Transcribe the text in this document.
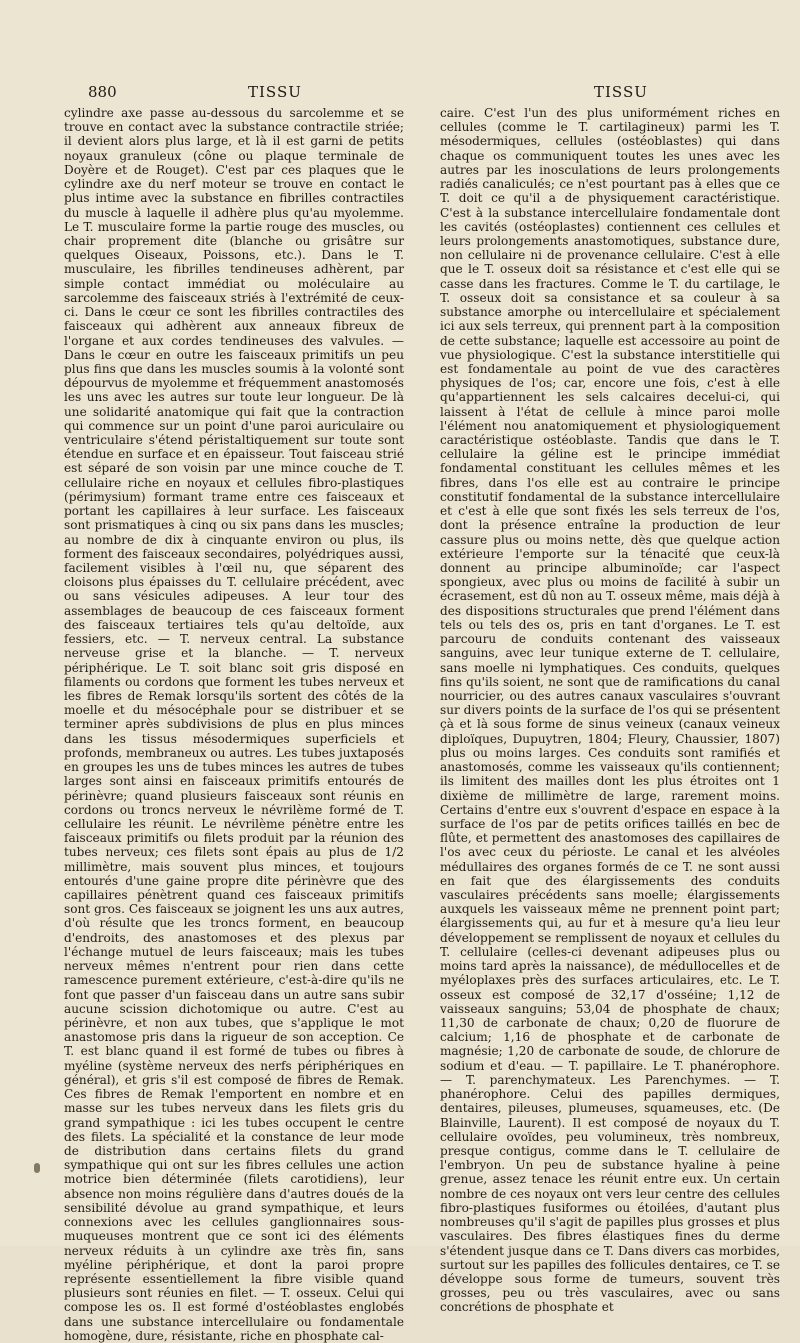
880	TISSU	TISSU

cylindre axe passe au-dessous du sarcolemme et se trouve en contact avec la substance contractile striée; il devient alors plus large, et là il est garni de petits noyaux granuleux (cône ou plaque terminale de Doyère et de Rouget). C'est par ces plaques que le cylindre axe du nerf moteur se trouve en contact le plus intime avec la substance en fibrilles contractiles du muscle à laquelle il adhère plus qu'au myolemme. Le T. musculaire forme la partie rouge des muscles, ou chair proprement dite (blanche ou grisâtre sur quelques Oiseaux, Poissons, etc.). Dans le T. musculaire, les fibrilles tendineuses adhèrent, par simple contact immédiat ou moléculaire au sarcolemme des faisceaux striés à l'extrémité de ceux-ci. Dans le cœur ce sont les fibrilles contractiles des faisceaux qui adhèrent aux anneaux fibreux de l'organe et aux cordes tendineuses des valvules. — Dans le cœur en outre les faisceaux primitifs un peu plus fins que dans les muscles soumis à la volonté sont dépourvus de myolemme et fréquemment anastomosés les uns avec les autres sur toute leur longueur. De là une solidarité anatomique qui fait que la contraction qui commence sur un point d'une paroi auriculaire ou ventriculaire s'étend péristaltiquement sur toute sont étendue en surface et en épaisseur. Tout faisceau strié est séparé de son voisin par une mince couche de T. cellulaire riche en noyaux et cellules fibro-plastiques (périmysium) formant trame entre ces faisceaux et portant les capillaires à leur surface. Les faisceaux sont prismatiques à cinq ou six pans dans les muscles; au nombre de dix à cinquante environ ou plus, ils forment des faisceaux secondaires, polyédriques aussi, facilement visibles à l'œil nu, que séparent des cloisons plus épaisses du T. cellulaire précédent, avec ou sans vésicules adipeuses. A leur tour des assemblages de beaucoup de ces faisceaux forment des faisceaux tertiaires tels qu'au deltoïde, aux fessiers, etc. — T. nerveux central. La substance nerveuse grise et la blanche. — T. nerveux périphérique. Le T. soit blanc soit gris disposé en filaments ou cordons que forment les tubes nerveux et les fibres de Remak lorsqu'ils sortent des côtés de la moelle et du mésocéphale pour se distribuer et se terminer après subdivisions de plus en plus minces dans les tissus mésodermiques superficiels et profonds, membraneux ou autres. Les tubes juxtaposés en groupes les uns de tubes minces les autres de tubes larges sont ainsi en faisceaux primitifs entourés de périnèvre; quand plusieurs faisceaux sont réunis en cordons ou troncs nerveux le névrilème formé de T. cellulaire les réunit. Le névrilème pénètre entre les faisceaux primitifs ou filets produit par la réunion des tubes nerveux; ces filets sont épais au plus de 1/2 millimètre, mais souvent plus minces, et toujours entourés d'une gaine propre dite périnèvre que des capillaires pénètrent quand ces faisceaux primitifs sont gros. Ces faisceaux se joignent les uns aux autres, d'où résulte que les troncs forment, en beaucoup d'endroits, des anastomoses et des plexus par l'échange mutuel de leurs faisceaux; mais les tubes nerveux mêmes n'entrent pour rien dans cette ramescence purement extérieure, c'est-à-dire qu'ils ne font que passer d'un faisceau dans un autre sans subir aucune scission dichotomique ou autre. C'est au périnèvre, et non aux tubes, que s'applique le mot anastomose pris dans la rigueur de son acception. Ce T. est blanc quand il est formé de tubes ou fibres à myéline (système nerveux des nerfs périphériques en général), et gris s'il est composé de fibres de Remak. Ces fibres de Remak l'emportent en nombre et en masse sur les tubes nerveux dans les filets gris du grand sympathique : ici les tubes occupent le centre des filets. La spécialité et la constance de leur mode de distribution dans certains filets du grand sympathique qui ont sur les fibres cellules une action motrice bien déterminée (filets carotidiens), leur absence non moins régulière dans d'autres doués de la sensibilité dévolue au grand sympathique, et leurs connexions avec les cellules ganglionnaires sous-muqueuses montrent que ce sont ici des éléments nerveux réduits à un cylindre axe très fin, sans myéline périphérique, et dont la paroi propre représente essentiellement la fibre visible quand plusieurs sont réunies en filet. — T. osseux. Celui qui compose les os. Il est formé d'ostéoblastes englobés dans une substance intercellulaire ou fondamentale homogène, dure, résistante, riche en phosphate cal-

caire. C'est l'un des plus uniformément riches en cellules (comme le T. cartilagineux) parmi les T. mésodermiques, cellules (ostéoblastes) qui dans chaque os communiquent toutes les unes avec les autres par les inosculations de leurs prolongements radiés canaliculés; ce n'est pourtant pas à elles que ce T. doit ce qu'il a de physiquement caractéristique. C'est à la substance intercellulaire fondamentale dont les cavités (ostéoplastes) contiennent ces cellules et leurs prolongements anastomotiques, substance dure, non cellulaire ni de provenance cellulaire. C'est à elle que le T. osseux doit sa résistance et c'est elle qui se casse dans les fractures. Comme le T. du cartilage, le T. osseux doit sa consistance et sa couleur à sa substance amorphe ou intercellulaire et spécialement ici aux sels terreux, qui prennent part à la composition de cette substance; laquelle est accessoire au point de vue physiologique. C'est la substance interstitielle qui est fondamentale au point de vue des caractères physiques de l'os; car, encore une fois, c'est à elle qu'appartiennent les sels calcaires decelui-ci, qui laissent à l'état de cellule à mince paroi molle l'élément nou anatomiquement et physiologiquement caractéristique ostéoblaste. Tandis que dans le T. cellulaire la géline est le principe immédiat fondamental constituant les cellules mêmes et les fibres, dans l'os elle est au contraire le principe constitutif fondamental de la substance intercellulaire et c'est à elle que sont fixés les sels terreux de l'os, dont la présence entraîne la production de leur cassure plus ou moins nette, dès que quelque action extérieure l'emporte sur la ténacité que ceux-là donnent au principe albuminoïde; car l'aspect spongieux, avec plus ou moins de facilité à subir un écrasement, est dû non au T. osseux même, mais déjà à des dispositions structurales que prend l'élément dans tels ou tels des os, pris en tant d'organes. Le T. est parcouru de conduits contenant des vaisseaux sanguins, avec leur tunique externe de T. cellulaire, sans moelle ni lymphatiques. Ces conduits, quelques fins qu'ils soient, ne sont que de ramifications du canal nourricier, ou des autres canaux vasculaires s'ouvrant sur divers points de la surface de l'os qui se présentent çà et là sous forme de sinus veineux (canaux veineux diploïques, Dupuytren, 1804; Fleury, Chaussier, 1807) plus ou moins larges. Ces conduits sont ramifiés et anastomosés, comme les vaisseaux qu'ils contiennent; ils limitent des mailles dont les plus étroites ont 1 dixième de millimètre de large, rarement moins. Certains d'entre eux s'ouvrent d'espace en espace à la surface de l'os par de petits orifices taillés en bec de flûte, et permettent des anastomoses des capillaires de l'os avec ceux du périoste. Le canal et les alvéoles médullaires des organes formés de ce T. ne sont aussi en fait que des élargissements des conduits vasculaires précédents sans moelle; élargissements auxquels les vaisseaux même ne prennent point part; élargissements qui, au fur et à mesure qu'a lieu leur développement se remplissent de noyaux et cellules du T. cellulaire (celles-ci devenant adipeuses plus ou moins tard après la naissance), de médullocelles et de myéloplaxes près des surfaces articulaires, etc. Le T. osseux est composé de 32,17 d'osséine; 1,12 de vaisseaux sanguins; 53,04 de phosphate de chaux; 11,30 de carbonate de chaux; 0,20 de fluorure de calcium; 1,16 de phosphate et de carbonate de magnésie; 1,20 de carbonate de soude, de chlorure de sodium et d'eau. — T. papillaire. Le T. phanérophore. — T. parenchymateux. Les Parenchymes. — T. phanérophore. Celui des papilles dermiques, dentaires, pileuses, plumeuses, squameuses, etc. (De Blainville, Laurent). Il est composé de noyaux du T. cellulaire ovoïdes, peu volumineux, très nombreux, presque contigus, comme dans le T. cellulaire de l'embryon. Un peu de substance hyaline à peine grenue, assez tenace les réunit entre eux. Un certain nombre de ces noyaux ont vers leur centre des cellules fibro-plastiques fusiformes ou étoilées, d'autant plus nombreuses qu'il s'agit de papilles plus grosses et plus vasculaires. Des fibres élastiques fines du derme s'étendent jusque dans ce T. Dans divers cas morbides, surtout sur les papilles des follicules dentaires, ce T. se développe sous forme de tumeurs, souvent très grosses, peu ou très vasculaires, avec ou sans concrétions de phosphate et
